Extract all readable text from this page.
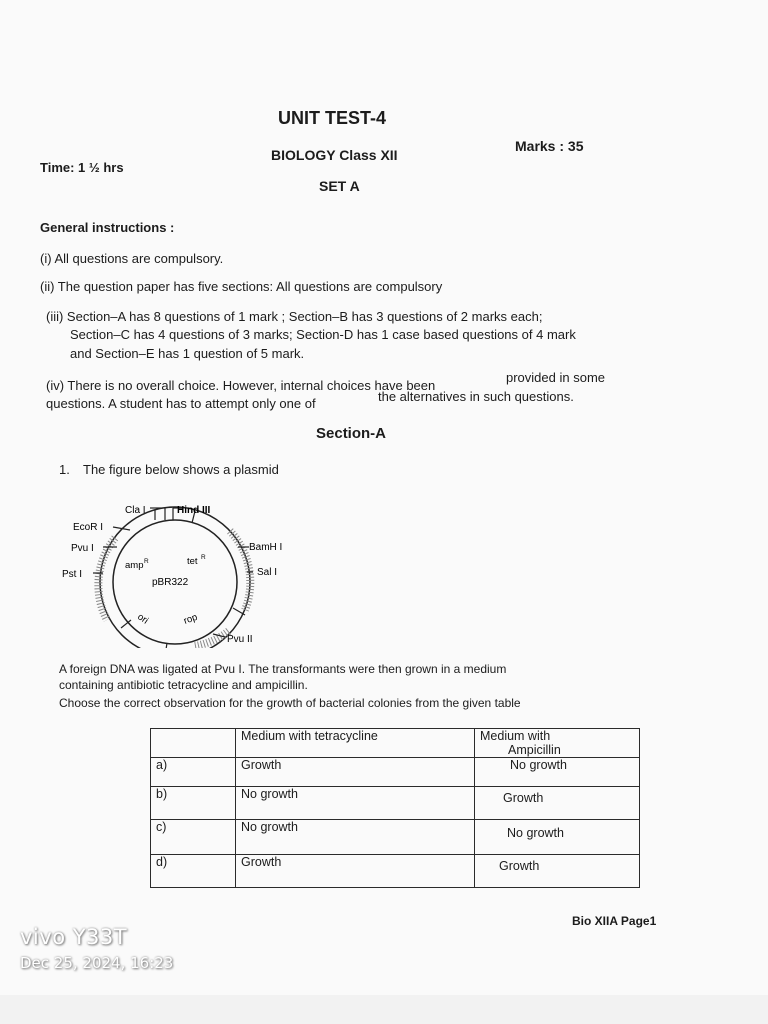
UNIT TEST-4
Marks : 35
BIOLOGY Class XII
Time: 1 ½ hrs
SET A
General instructions :
(i) All questions are compulsory.
(ii) The question paper has five sections: All questions are compulsory
(iii) Section–A has 8 questions of 1 mark ; Section–B has 3 questions of 2 marks each;
Section–C has 4 questions of 3 marks; Section-D has 1 case based questions of 4 mark
and Section–E has 1 question of 5 mark.
(iv) There is no overall choice. However, internal choices have been
provided in some
questions. A student has to attempt only one of	the alternatives in such questions.
Section-A
1. The figure below shows a plasmid
Cla I	Hind III
EcoR I
Pvu I	BamH I
Pst I	Sal I
Pvu II
amp R	tet R
pBR322
ori	rop
A foreign DNA was ligated at Pvu I. The transformants were then grown in a medium
containing antibiotic tetracycline and ampicillin.
Choose the correct observation for the growth of bacterial colonies from the given table
	Medium with tetracycline	Medium with
Ampicillin
a)	Growth	No growth
b)	No growth	Growth
c)	No growth	No growth
d)	Growth	Growth
Bio XIIA Page1
vivo Y33T
Dec 25, 2024, 16:23
